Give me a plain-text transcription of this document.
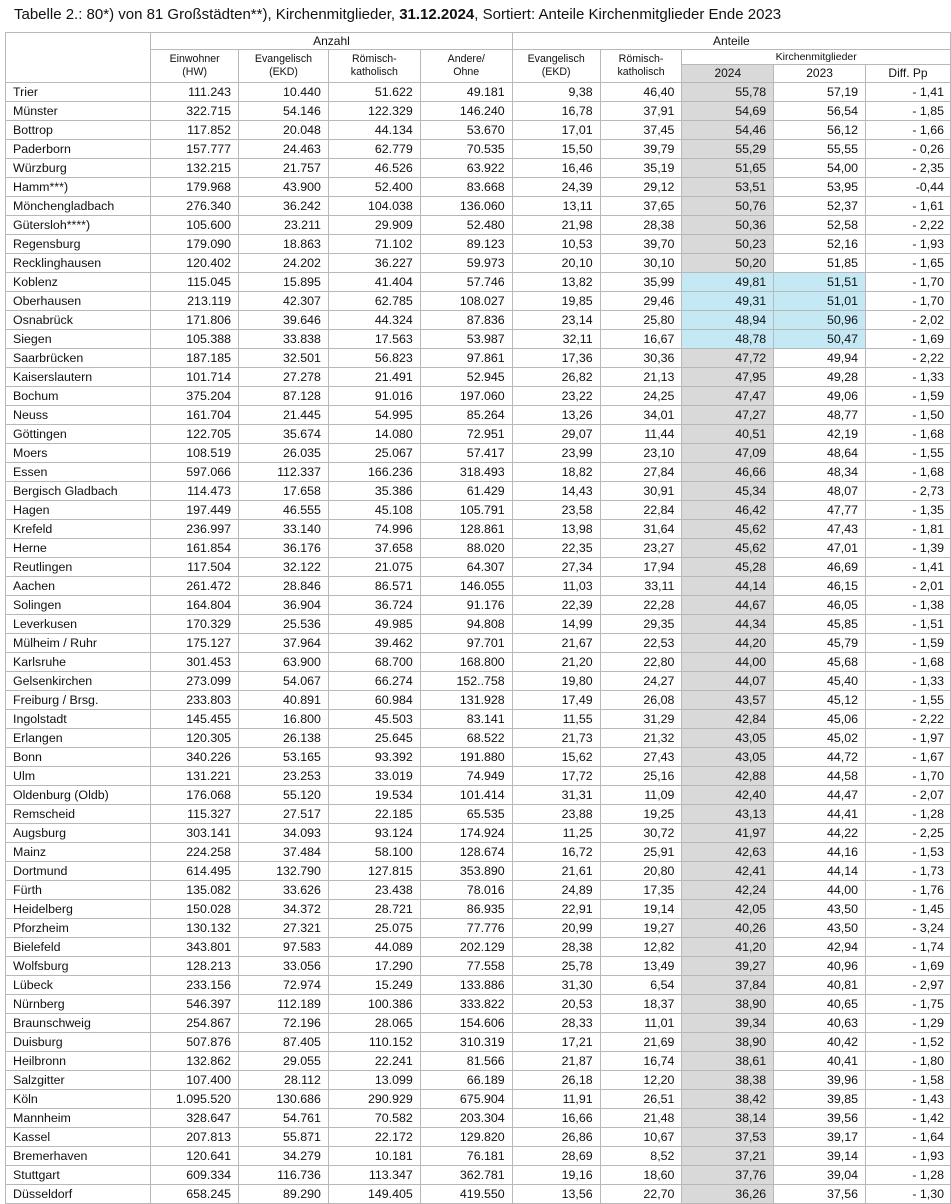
Tabelle 2.: 80*) von 81 Großstädten**), Kirchenmitglieder, 31.12.2024, Sortiert: Anteile Kirchenmitglieder Ende 2023
	Anzahl				Anteile				
	Einwohner (HW)	Evangelisch (EKD)	Römisch-katholisch	Andere/ Ohne	Evangelisch (EKD)	Römisch-katholisch	Kirchenmitglieder		
							2024	2023	Diff. Pp
Trier	111.243	10.440	51.622	49.181	9,38	46,40	55,78	57,19	- 1,41
Münster	322.715	54.146	122.329	146.240	16,78	37,91	54,69	56,54	- 1,85
Bottrop	117.852	20.048	44.134	53.670	17,01	37,45	54,46	56,12	- 1,66
Paderborn	157.777	24.463	62.779	70.535	15,50	39,79	55,29	55,55	- 0,26
Würzburg	132.215	21.757	46.526	63.922	16,46	35,19	51,65	54,00	- 2,35
Hamm***)	179.968	43.900	52.400	83.668	24,39	29,12	53,51	53,95	-0,44
Mönchengladbach	276.340	36.242	104.038	136.060	13,11	37,65	50,76	52,37	- 1,61
Gütersloh****)	105.600	23.211	29.909	52.480	21,98	28,38	50,36	52,58	- 2,22
Regensburg	179.090	18.863	71.102	89.123	10,53	39,70	50,23	52,16	- 1,93
Recklinghausen	120.402	24.202	36.227	59.973	20,10	30,10	50,20	51,85	- 1,65
Koblenz	115.045	15.895	41.404	57.746	13,82	35,99	49,81	51,51	- 1,70
Oberhausen	213.119	42.307	62.785	108.027	19,85	29,46	49,31	51,01	- 1,70
Osnabrück	171.806	39.646	44.324	87.836	23,14	25,80	48,94	50,96	- 2,02
Siegen	105.388	33.838	17.563	53.987	32,11	16,67	48,78	50,47	- 1,69
Saarbrücken	187.185	32.501	56.823	97.861	17,36	30,36	47,72	49,94	- 2,22
Kaiserslautern	101.714	27.278	21.491	52.945	26,82	21,13	47,95	49,28	- 1,33
Bochum	375.204	87.128	91.016	197.060	23,22	24,25	47,47	49,06	- 1,59
Neuss	161.704	21.445	54.995	85.264	13,26	34,01	47,27	48,77	- 1,50
Göttingen	122.705	35.674	14.080	72.951	29,07	11,44	40,51	42,19	- 1,68
Moers	108.519	26.035	25.067	57.417	23,99	23,10	47,09	48,64	- 1,55
Essen	597.066	112.337	166.236	318.493	18,82	27,84	46,66	48,34	- 1,68
Bergisch Gladbach	114.473	17.658	35.386	61.429	14,43	30,91	45,34	48,07	- 2,73
Hagen	197.449	46.555	45.108	105.791	23,58	22,84	46,42	47,77	- 1,35
Krefeld	236.997	33.140	74.996	128.861	13,98	31,64	45,62	47,43	- 1,81
Herne	161.854	36.176	37.658	88.020	22,35	23,27	45,62	47,01	- 1,39
Reutlingen	117.504	32.122	21.075	64.307	27,34	17,94	45,28	46,69	- 1,41
Aachen	261.472	28.846	86.571	146.055	11,03	33,11	44,14	46,15	- 2,01
Solingen	164.804	36.904	36.724	91.176	22,39	22,28	44,67	46,05	- 1,38
Leverkusen	170.329	25.536	49.985	94.808	14,99	29,35	44,34	45,85	- 1,51
Mülheim / Ruhr	175.127	37.964	39.462	97.701	21,67	22,53	44,20	45,79	- 1,59
Karlsruhe	301.453	63.900	68.700	168.800	21,20	22,80	44,00	45,68	- 1,68
Gelsenkirchen	273.099	54.067	66.274	152..758	19,80	24,27	44,07	45,40	- 1,33
Freiburg / Brsg.	233.803	40.891	60.984	131.928	17,49	26,08	43,57	45,12	- 1,55
Ingolstadt	145.455	16.800	45.503	83.141	11,55	31,29	42,84	45,06	- 2,22
Erlangen	120.305	26.138	25.645	68.522	21,73	21,32	43,05	45,02	- 1,97
Bonn	340.226	53.165	93.392	191.880	15,62	27,43	43,05	44,72	- 1,67
Ulm	131.221	23.253	33.019	74.949	17,72	25,16	42,88	44,58	- 1,70
Oldenburg (Oldb)	176.068	55.120	19.534	101.414	31,31	11,09	42,40	44,47	- 2,07
Remscheid	115.327	27.517	22.185	65.535	23,88	19,25	43,13	44,41	- 1,28
Augsburg	303.141	34.093	93.124	174.924	11,25	30,72	41,97	44,22	- 2,25
Mainz	224.258	37.484	58.100	128.674	16,72	25,91	42,63	44,16	- 1,53
Dortmund	614.495	132.790	127.815	353.890	21,61	20,80	42,41	44,14	- 1,73
Fürth	135.082	33.626	23.438	78.016	24,89	17,35	42,24	44,00	- 1,76
Heidelberg	150.028	34.372	28.721	86.935	22,91	19,14	42,05	43,50	- 1,45
Pforzheim	130.132	27.321	25.075	77.776	20,99	19,27	40,26	43,50	- 3,24
Bielefeld	343.801	97.583	44.089	202.129	28,38	12,82	41,20	42,94	- 1,74
Wolfsburg	128.213	33.056	17.290	77.558	25,78	13,49	39,27	40,96	- 1,69
Lübeck	233.156	72.974	15.249	133.886	31,30	6,54	37,84	40,81	- 2,97
Nürnberg	546.397	112.189	100.386	333.822	20,53	18,37	38,90	40,65	- 1,75
Braunschweig	254.867	72.196	28.065	154.606	28,33	11,01	39,34	40,63	- 1,29
Duisburg	507.876	87.405	110.152	310.319	17,21	21,69	38,90	40,42	- 1,52
Heilbronn	132.862	29.055	22.241	81.566	21,87	16,74	38,61	40,41	- 1,80
Salzgitter	107.400	28.112	13.099	66.189	26,18	12,20	38,38	39,96	- 1,58
Köln	1.095.520	130.686	290.929	675.904	11,91	26,51	38,42	39,85	- 1,43
Mannheim	328.647	54.761	70.582	203.304	16,66	21,48	38,14	39,56	- 1,42
Kassel	207.813	55.871	22.172	129.820	26,86	10,67	37,53	39,17	- 1,64
Bremerhaven	120.641	34.279	10.181	76.181	28,69	8,52	37,21	39,14	- 1,93
Stuttgart	609.334	116.736	113.347	362.781	19,16	18,60	37,76	39,04	- 1,28
Düsseldorf	658.245	89.290	149.405	419.550	13,56	22,70	36,26	37,56	- 1,30
